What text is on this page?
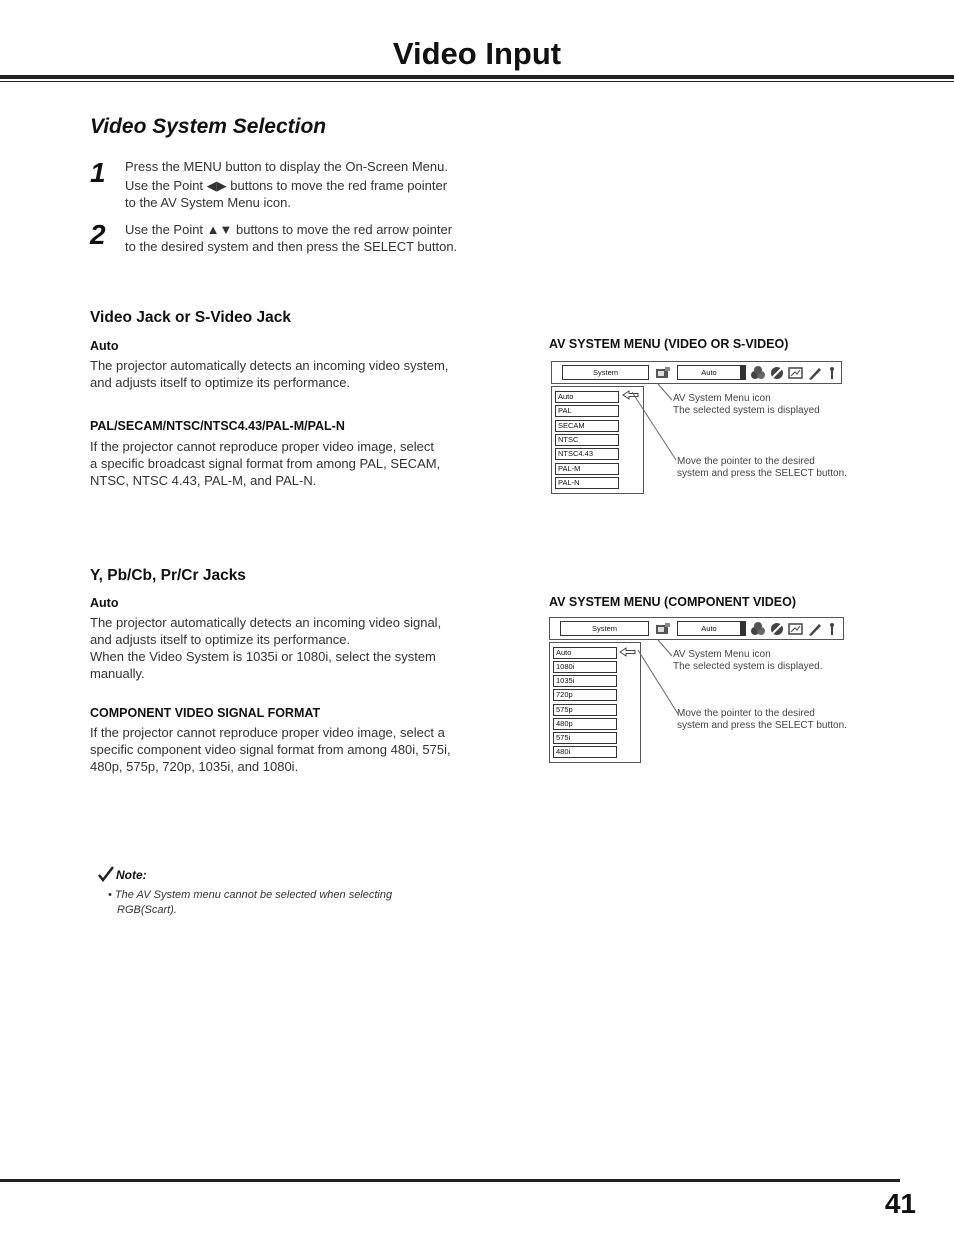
Video Input
Video System Selection
1 Press the MENU button to display the On-Screen Menu.
Use the Point ◀▶ buttons to move the red frame pointer
to the AV System Menu icon.
2 Use the Point ▲▼ buttons to move the red arrow pointer
to the desired system and then press the SELECT button.
Video Jack or S-Video Jack
Auto
The projector automatically detects an incoming video system,
and adjusts itself to optimize its performance.
PAL/SECAM/NTSC/NTSC4.43/PAL-M/PAL-N
If the projector cannot reproduce proper video image, select
a specific broadcast signal format from among PAL, SECAM,
NTSC, NTSC 4.43, PAL-M, and PAL-N.
AV SYSTEM MENU (VIDEO OR S-VIDEO)
System	Auto
Auto
PAL
SECAM
NTSC
NTSC4.43
PAL-M
PAL-N
AV System Menu icon
The selected system is displayed
Move the pointer to the desired
system and press the SELECT button.
Y, Pb/Cb, Pr/Cr Jacks
Auto
The projector automatically detects an incoming video signal,
and adjusts itself to optimize its performance.
When the Video System is 1035i or 1080i, select the system
manually.
COMPONENT VIDEO SIGNAL FORMAT
If the projector cannot reproduce proper video image, select a
specific component video signal format from among 480i, 575i,
480p, 575p, 720p, 1035i, and 1080i.
AV SYSTEM MENU (COMPONENT VIDEO)
System	Auto
Auto
1080i
1035i
720p
575p
480p
575i
480i
AV System Menu icon
The selected system is displayed.
Move the pointer to the desired
system and press the SELECT button.
Note:
• The AV System menu cannot be selected when selecting
RGB(Scart).
41
